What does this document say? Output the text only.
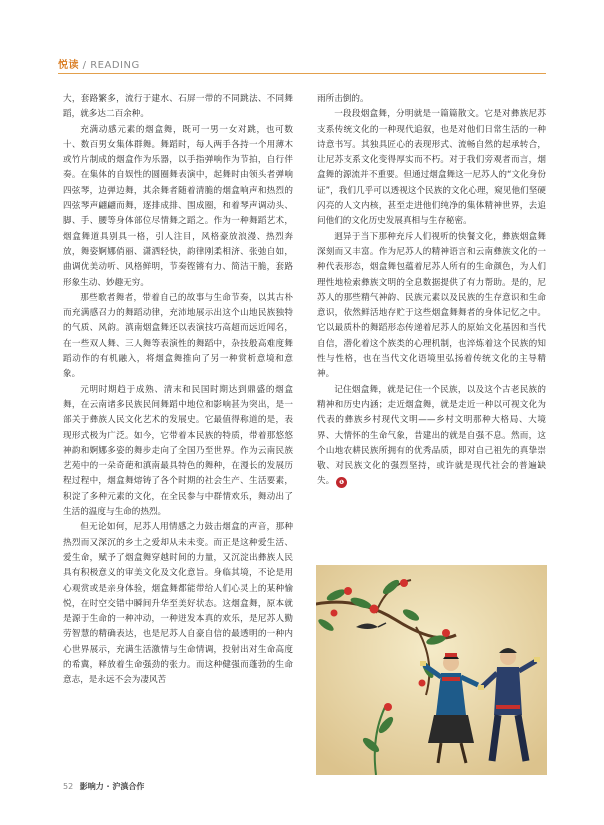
悦读 / READING

大，套路繁多，流行于建水、石屏一带的不同跳法、不同舞蹈，就多达二百余种。

充满动感元素的烟盒舞，既可一男一女对跳，也可数十、数百男女集体群舞。舞蹈时，每人两手各持一个用薄木或竹片制成的烟盒作为乐器，以手指弹响作为节拍，自行伴奏。在集体的自娱性的圆圈舞表演中，起舞时由领头者弹响四弦琴，边弹边舞，其余舞者随着清脆的烟盒响声和热烈的四弦琴声翩翩而舞，逐排成排、围成圈，和着琴声调动头、脚、手、腰等身体部位尽情舞之蹈之。作为一种舞蹈艺术，烟盒舞道具别具一格，引人注目，风格豪放浪漫、热烈奔放，舞姿婀娜俏丽、潇洒轻快，韵律刚柔相济、张弛自如，曲调优美动听、风格鲜明，节奏铿锵有力、简洁干脆，套路形象生动、妙趣无穷。

那些歌者舞者，带着自己的故事与生命节奏，以其古朴而充满感召力的舞蹈动律，充沛地展示出这个山地民族独特的气质、风韵。滇南烟盒舞还以表演技巧高超而远近闻名，在一些双人舞、三人舞等表演性的舞蹈中，杂技般高难度舞蹈动作的有机融入，将烟盒舞推向了另一种赏析意境和意象。

元明时期趋于成熟、清末和民国时期达到鼎盛的烟盒舞，在云南诸多民族民间舞蹈中地位和影响甚为突出，是一部关于彝族人民文化艺术的发展史。它最值得称道的是，表现形式极为广泛。如今，它带着本民族的特质，带着那悠悠神韵和婀娜多姿的舞步走向了全国乃至世界。作为云南民族艺苑中的一朵奇葩和滇南最具特色的舞种，在漫长的发展历程过程中，烟盒舞熔铸了各个时期的社会生产、生活要素，积淀了多种元素的文化，在全民参与中群情欢乐，舞动出了生活的温度与生命的热烈。

但无论如何，尼苏人用情感之力鼓击烟盒的声音，那种热烈而又深沉的乡土之爱却从未未变。而正是这种爱生活、爱生命，赋予了烟盒舞穿越时间的力量，又沉淀出彝族人民具有积极意义的审美文化及文化意旨。身临其境，不论是用心观赏或是亲身体验，烟盒舞都能带给人们心灵上的某种愉悦，在时空交错中瞬间升华至美好状态。这烟盒舞，原本就是源于生命的一种冲动，一种迸发本真的欢乐，是尼苏人勤劳智慧的精确表达，也是尼苏人自豪自信的最透明的一种内心世界展示，充满生活激情与生命情调，投射出对生命高度的希冀，释放着生命强劲的张力。而这种健强而蓬勃的生命意志，是永远不会为凄风苦

雨所击倒的。

一段段烟盒舞，分明就是一篇篇散文。它是对彝族尼苏支系传统文化的一种现代追叙，也是对他们日常生活的一种诗意书写。其独具匠心的表现形式、流畅自然的起承转合，让尼苏支系文化变得厚实而不朽。对于我们旁观者而言，烟盒舞的源流并不重要。但通过烟盒舞这一尼苏人的“文化身份证”，我们几乎可以透视这个民族的文化心理，窥见他们坚硬闪亮的人文内核，甚至走进他们纯净的集体精神世界，去追问他们的文化历史发展真相与生存秘密。

迥异于当下那种充斥人们视听的快餐文化，彝族烟盒舞深刻而又丰富。作为尼苏人的精神语言和云南彝族文化的一种代表形态，烟盒舞包蕴着尼苏人所有的生命颜色，为人们理性地检索彝族文明的全息数据提供了有力帮助。是的，尼苏人的那些精气神韵、民族元素以及民族的生存意识和生命意识，依然鲜活地存贮于这些烟盒舞舞者的身体记忆之中。它以最质朴的舞蹈形态传递着尼苏人的原始文化基因和当代自信，潜化着这个族类的心理机制，也淬炼着这个民族的知性与性格，也在当代文化语境里弘扬着传统文化的主导精神。

记住烟盒舞，就是记住一个民族，以及这个古老民族的精神和历史内涵；走近烟盒舞，就是走近一种以可视文化为代表的彝族乡村现代文明——乡村文明那种大格局、大境界、大情怀的生命气象，昔建出的就是自强不息。然而，这个山地农耕民族所拥有的优秀品质，即对自己祖先的真挚崇敬、对民族文化的强烈坚持，或许就是现代社会的普遍缺失。 ❶

52 影响力 · 沪滇合作
